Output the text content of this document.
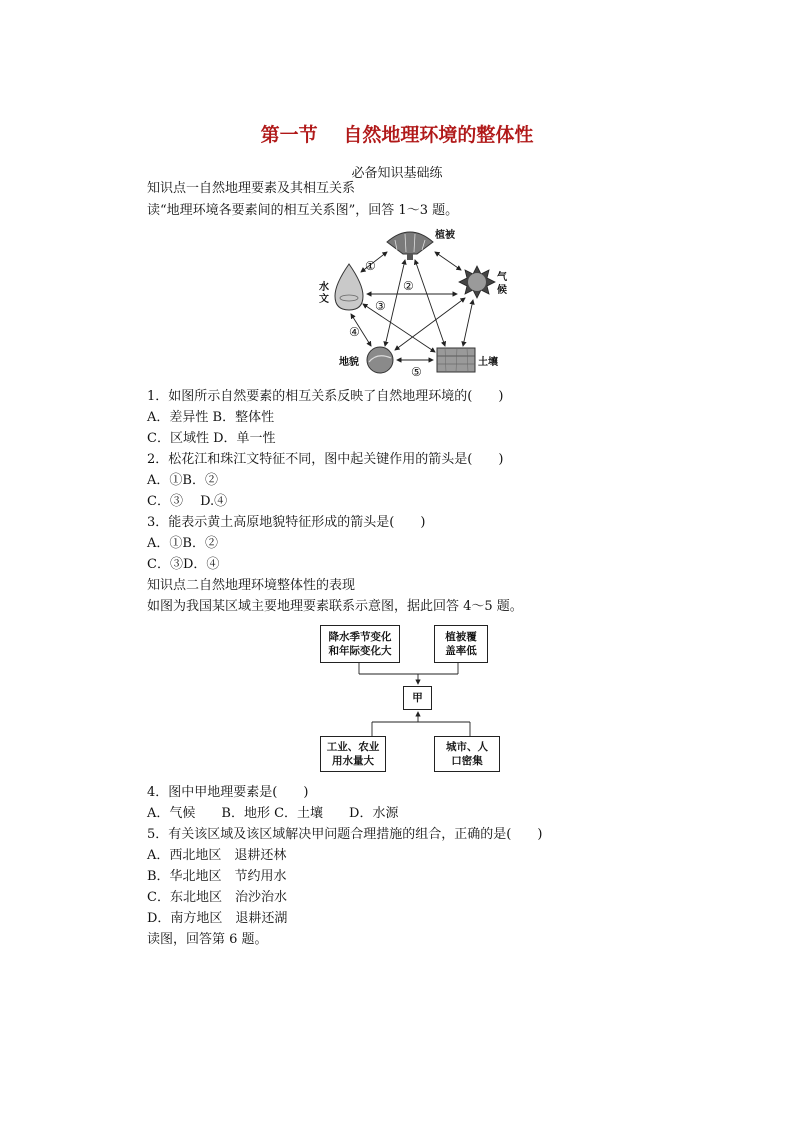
第一节　 自然地理环境的整体性
必备知识基础练
知识点一自然地理要素及其相互关系
读“地理环境各要素间的相互关系图”，回答 1～3 题。
植被
气
候
水
文
地貌	土壤
①
②
③
④
⑤
1．如图所示自然要素的相互关系反映了自然地理环境的(　　)
A．差异性 B．整体性
C．区域性 D．单一性
2．松花江和珠江文特征不同，图中起关键作用的箭头是(　　)
A．①B．②
C．③　 D.④
3．能表示黄土高原地貌特征形成的箭头是(　　)
A．①B．②
C．③D．④
知识点二自然地理环境整体性的表现
如图为我国某区域主要地理要素联系示意图，据此回答 4～5 题。
降水季节变化
和年际变化大
植被覆
盖率低
甲
工业、农业
用水量大
城市、人
口密集
4．图中甲地理要素是(　　)
A．气候　　B．地形 C．土壤　　D．水源
5．有关该区域及该区域解决甲问题合理措施的组合，正确的是(　　)
A．西北地区　退耕还林
B．华北地区　节约用水
C．东北地区　治沙治水
D．南方地区　退耕还湖
读图，回答第 6 题。
